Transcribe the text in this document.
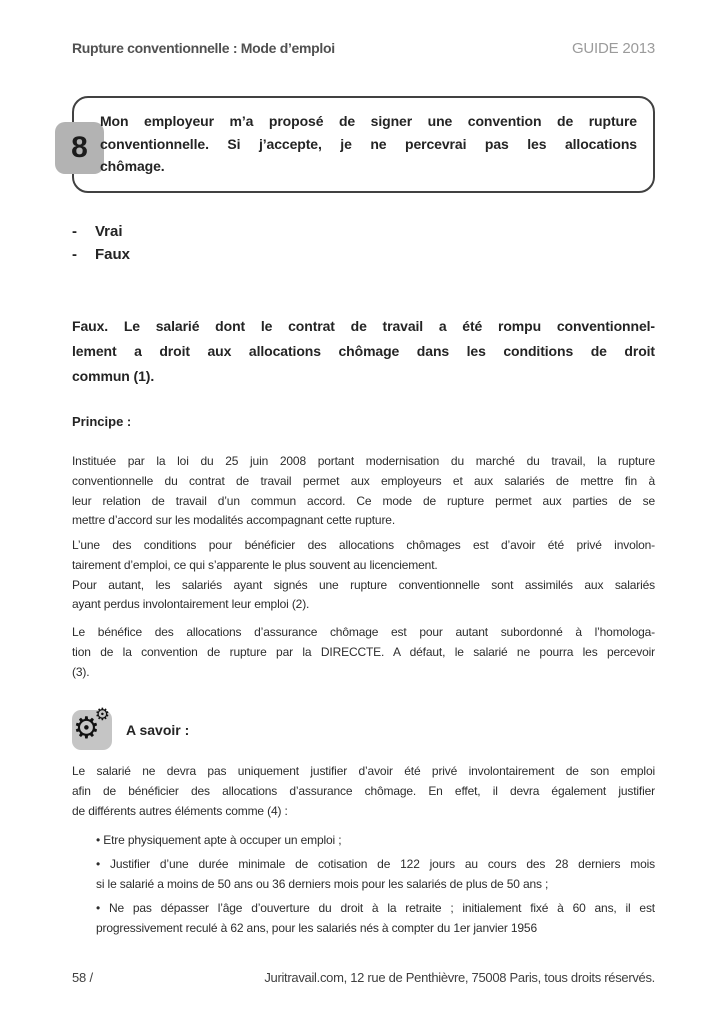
Rupture conventionnelle : Mode d’emploi	GUIDE 2013
8
Mon employeur m’a proposé de signer une convention de rupture
conventionnelle. Si j’accepte, je ne percevrai pas les allocations
chômage.
-	Vrai
-	Faux
Faux. Le salarié dont le contrat de travail a été rompu conventionnel-
lement a droit aux allocations chômage dans les conditions de droit
commun (1).
Principe :
Instituée par la loi du 25 juin 2008 portant modernisation du marché du travail, la rupture
conventionnelle du contrat de travail permet aux employeurs et aux salariés de mettre fin à
leur relation de travail d’un commun accord. Ce mode de rupture permet aux parties de se
mettre d’accord sur les modalités accompagnant cette rupture.
L’une des conditions pour bénéficier des allocations chômages est d’avoir été privé involon-
tairement d’emploi, ce qui s’apparente le plus souvent au licenciement.
Pour autant, les salariés ayant signés une rupture conventionnelle sont assimilés aux salariés
ayant perdus involontairement leur emploi (2).
Le bénéfice des allocations d’assurance chômage est pour autant subordonné à l’homologa-
tion de la convention de rupture par la DIRECCTE. A défaut, le salarié ne pourra les percevoir
(3).
⚙
⚙
A savoir :
Le salarié ne devra pas uniquement justifier d’avoir été privé involontairement de son emploi
afin de bénéficier des allocations d’assurance chômage. En effet, il devra également justifier
de différents autres éléments comme (4) :
• Etre physiquement apte à occuper un emploi ;
• Justifier d’une durée minimale de cotisation de 122 jours au cours des 28 derniers mois
si le salarié a moins de 50 ans ou 36 derniers mois pour les salariés de plus de 50 ans ;
• Ne pas dépasser l’âge d’ouverture du droit à la retraite ; initialement fixé à 60 ans, il est
progressivement reculé à 62 ans, pour les salariés nés à compter du 1er janvier 1956
58 /	Juritravail.com, 12 rue de Penthièvre, 75008 Paris, tous droits réservés.
